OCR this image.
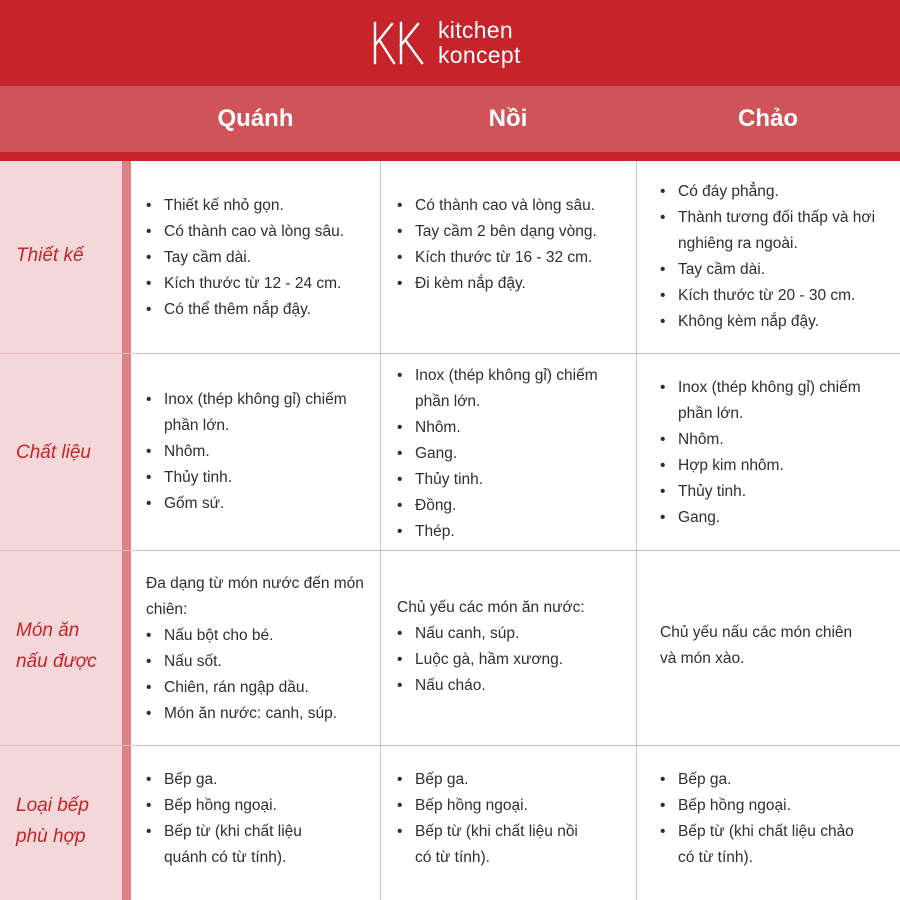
kitchen
koncept
Quánh	Nồi	Chảo
Thiết kế
Chất liệu
Món ăn nấu được
Loại bếp phù hợp
• Thiết kế nhỏ gọn.
• Có thành cao và lòng sâu.
• Tay cầm dài.
• Kích thước từ 12 - 24 cm.
• Có thể thêm nắp đậy.
• Có thành cao và lòng sâu.
• Tay cầm 2 bên dạng vòng.
• Kích thước từ 16 - 32 cm.
• Đi kèm nắp đậy.
• Có đáy phẳng.
• Thành tương đối thấp và hơi nghiêng ra ngoài.
• Tay cầm dài.
• Kích thước từ 20 - 30 cm.
• Không kèm nắp đậy.
• Inox (thép không gỉ) chiếm phần lớn.
• Nhôm.
• Thủy tinh.
• Gốm sứ.
• Inox (thép không gỉ) chiếm phần lớn.
• Nhôm.
• Gang.
• Thủy tinh.
• Đồng.
• Thép.
• Inox (thép không gỉ) chiếm phần lớn.
• Nhôm.
• Hợp kim nhôm.
• Thủy tinh.
• Gang.

Đa dạng từ món nước đến món chiên:

• Nấu bột cho bé.
• Nấu sốt.
• Chiên, rán ngập dầu.
• Món ăn nước: canh, súp.

Chủ yếu các món ăn nước:

• Nấu canh, súp.
• Luộc gà, hầm xương.
• Nấu cháo.

Chủ yếu nấu các món chiên và món xào.

• Bếp ga.
• Bếp hồng ngoại.
• Bếp từ (khi chất liệu quánh có từ tính).
• Bếp ga.
• Bếp hồng ngoại.
• Bếp từ (khi chất liệu nồi có từ tính).
• Bếp ga.
• Bếp hồng ngoại.
• Bếp từ (khi chất liệu chảo có từ tính).
